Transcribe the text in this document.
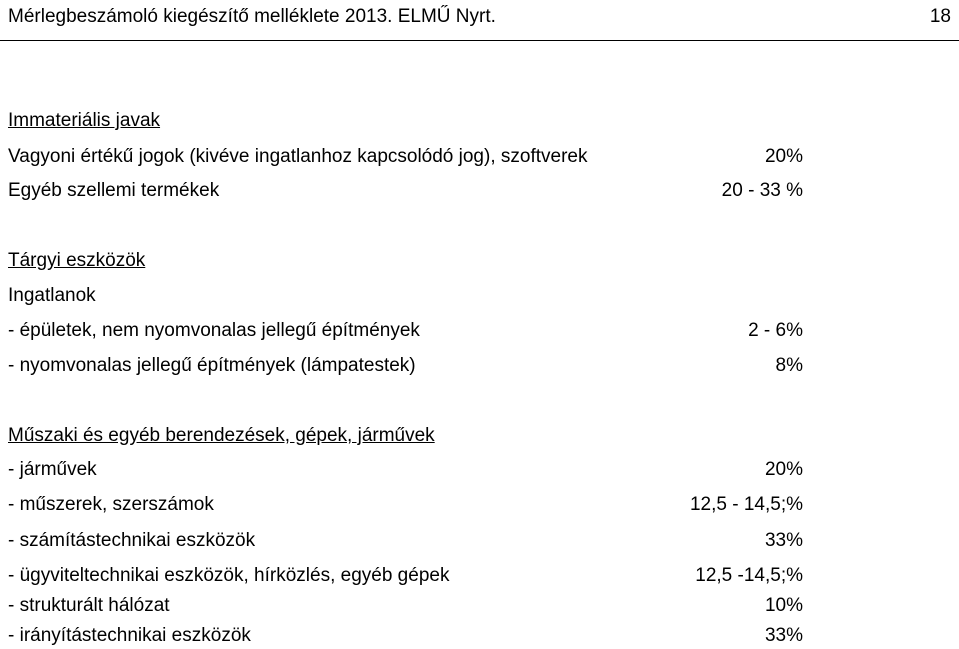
Mérlegbeszámoló kiegészítő melléklete 2013. ELMŰ Nyrt.	18
Immateriális javak
Vagyoni értékű jogok (kivéve ingatlanhoz kapcsolódó jog), szoftverek	20%
Egyéb szellemi termékek	20 - 33 %
Tárgyi eszközök
Ingatlanok
- épületek, nem nyomvonalas jellegű építmények	2 - 6%
- nyomvonalas jellegű építmények (lámpatestek)	8%
Műszaki és egyéb berendezések, gépek, járművek
- járművek	20%
- műszerek, szerszámok	12,5 - 14,5;%
- számítástechnikai eszközök	33%
- ügyviteltechnikai eszközök, hírközlés, egyéb gépek	12,5 -14,5;%
- strukturált hálózat	10%
- irányítástechnikai eszközök	33%
